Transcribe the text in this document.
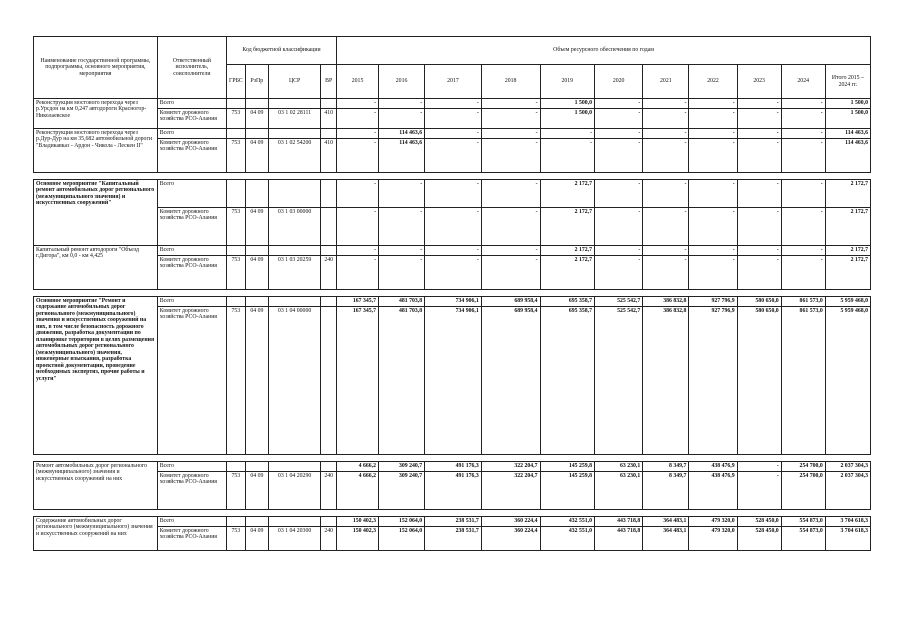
Наименование государственной программы, подпрограммы, основного мероприятия, мероприятия	Ответственный исполнитель, соисполнители	Код бюджетной классификации				Объем ресурсного обеспечения по годам										
		ГРБС	РзПр	ЦСР	ВР	2015	2016	2017	2018	2019	2020	2021	2022	2023	2024	Итого 2015 – 2024 гг.
Реконструкция мостового перехода через р.Урсдон на км 0,247 автодороги Красногор-Николаевское	Всего					-	-	-	-	1 500,0	-	-	-	-	-	1 500,0
	Комитет дорожного хозяйства РСО-Алания	753	04 09	03 1 02 28111	410	-	-	-	-	1 500,0	-	-	-	-	-	1 500,0
Реконструкция мостового перехода через р.Дур-Дур на км 35,682 автомобильной дороги "Владикавказ - Ардон - Чикола - Лескен II"	Всего					-	114 463,6	-	-	-	-	-	-	-	-	114 463,6
	Комитет дорожного хозяйства РСО-Алания	753	04 09	03 1 02 54200	410	-	114 463,6	-	-	-	-	-	-	-	-	114 463,6

Основное мероприятие "Капитальный ремонт автомобильных дорог регионального (межмуниципального значения) и искусственных сооружений"	Всего					-	-	-	-	2 172,7	-	-	-	-	-	2 172,7
	Комитет дорожного хозяйства РСО-Алания	753	04 09	03 1 03 00000		-	-	-	-	2 172,7	-	-	-	-	-	2 172,7
Капитальный ремонт автодороги "Объезд г.Дигора", км 0,0 - км 4,425	Всего					-	-	-	-	2 172,7	-	-	-	-	-	2 172,7
	Комитет дорожного хозяйства РСО-Алания	753	04 09	03 1 03 20259	240	-	-	-	-	2 172,7	-	-	-	-	-	2 172,7

Основное мероприятие "Ремонт и содержание автомобильных дорог регионального (межмуниципального) значения и искусственных сооружений на них, в том числе безопасность дорожного движения, разработка документации по планировке территории в целях размещения автомобильных дорог регионального (межмуниципального) значения, инженерные изыскания, разработка проектной документации, проведение необходимых экспертиз, прочие работы и услуги"	Всего					167 345,7	481 703,8	734 906,1	689 958,4	695 358,7	525 542,7	386 832,8	927 796,9	580 650,0	861 573,0	5 959 468,0
	Комитет дорожного хозяйства РСО-Алания	753	04 09	03 1 04 00000		167 345,7	481 703,8	734 906,1	689 958,4	695 358,7	525 542,7	386 832,8	927 796,9	580 650,0	861 573,0	5 959 468,0

Ремонт автомобильных дорог регионального (межмуниципального) значения и искусственных сооружений на них	Всего					4 666,2	309 240,7	491 176,3	322 204,7	145 259,8	63 230,1	8 349,7	438 476,9	-	254 700,0	2 037 304,3
	Комитет дорожного хозяйства РСО-Алания	753	04 09	03 1 04 20290	240	4 666,2	309 240,7	491 176,3	322 204,7	145 259,8	63 230,1	8 349,7	438 476,9	-	254 700,0	2 037 304,3

Содержание автомобильных дорог регионального (межмуниципального) значения и искусственных сооружений на них	Всего					150 402,3	152 064,0	238 531,7	360 224,4	432 551,0	443 718,8	364 483,1	479 320,0	528 450,0	554 873,0	3 704 618,3
	Комитет дорожного хозяйства РСО-Алания	753	04 09	03 1 04 20300	240	150 402,3	152 064,0	238 531,7	360 224,4	432 551,0	443 718,8	364 483,1	479 320,0	528 450,0	554 873,0	3 704 618,3
